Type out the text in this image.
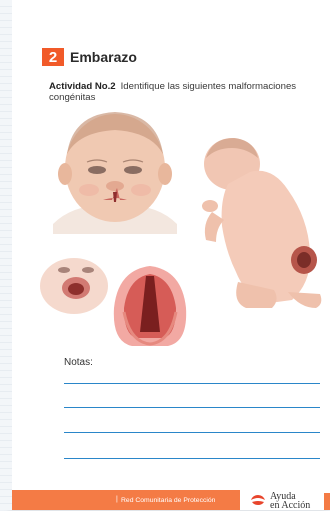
2 Embarazo
Actividad No.2 Identifique las siguientes malformaciones congénitas
Notas:
| Red Comunitaria de Protección	Ayuda
en Acción
